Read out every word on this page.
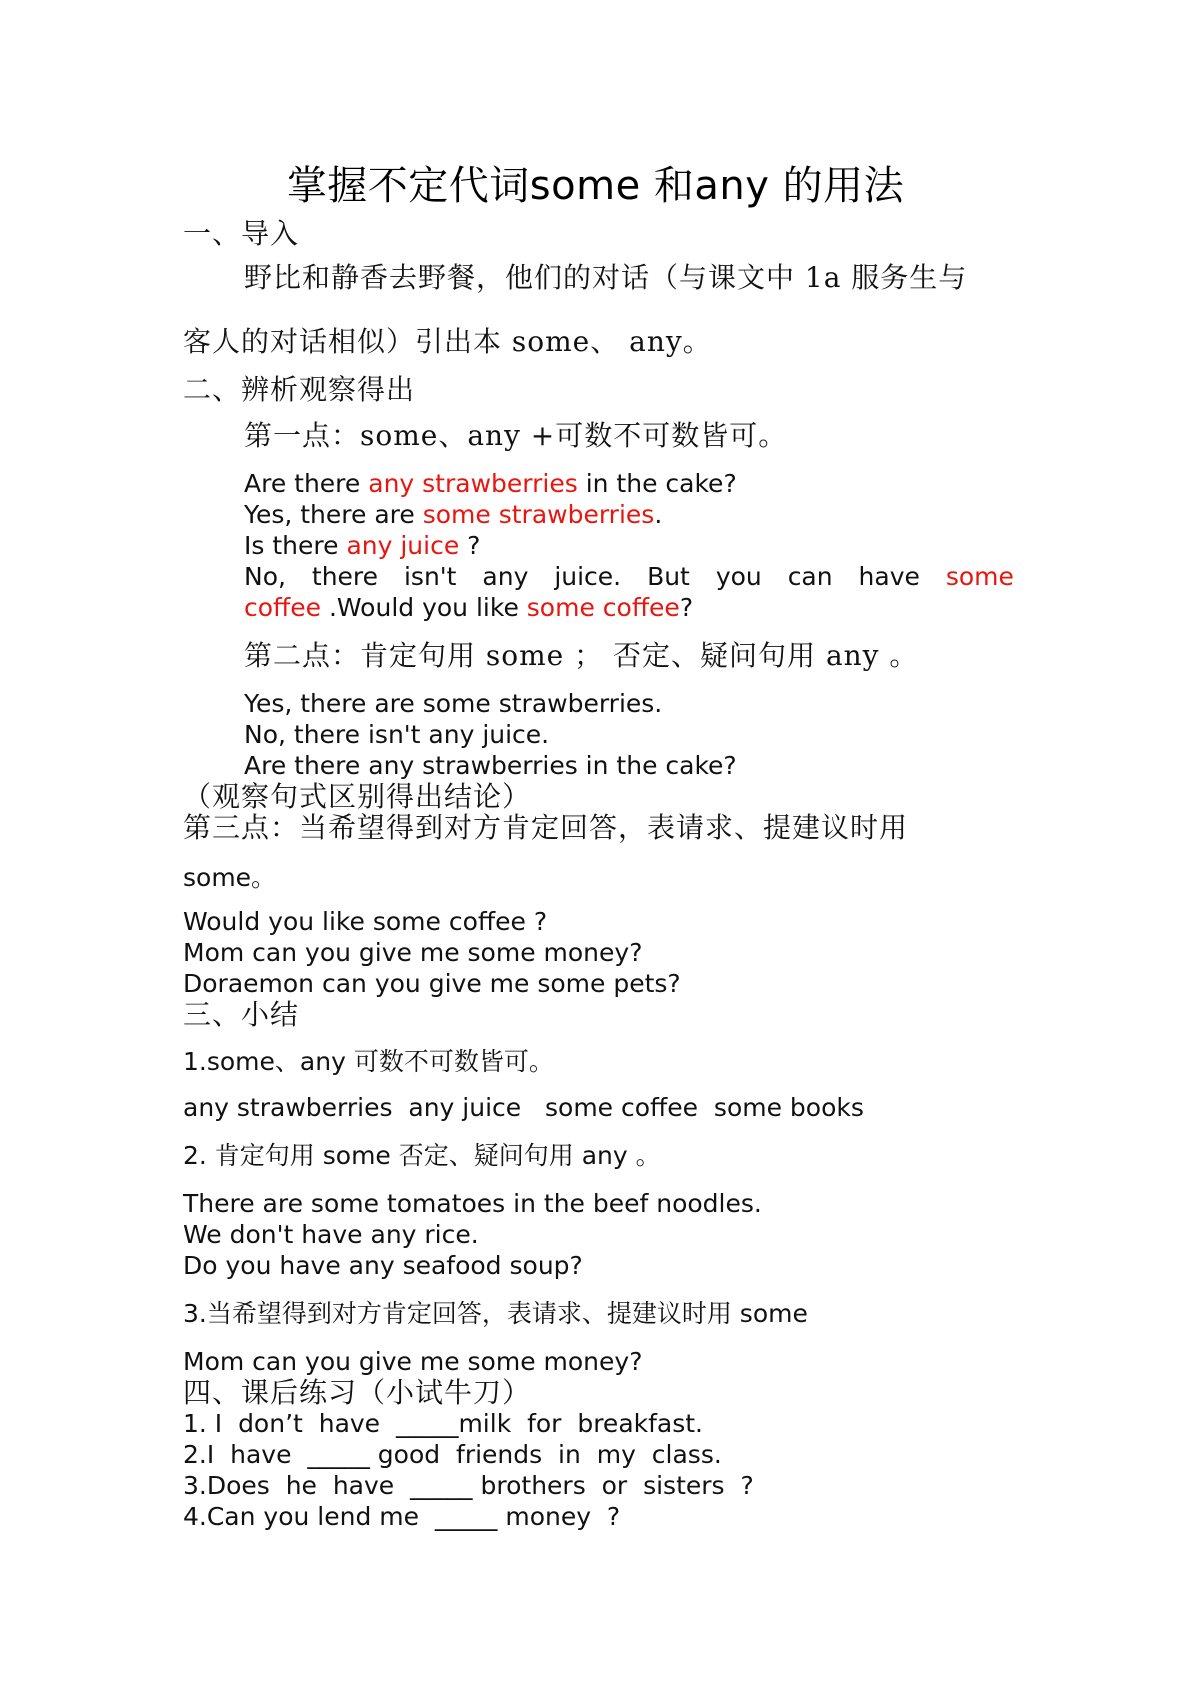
掌握不定代词some 和any 的用法
一、导入
野比和静香去野餐，他们的对话（与课文中 1a 服务生与
客人的对话相似）引出本 some、 any。
二、辨析观察得出
第一点：some、any +可数不可数皆可。
Are there any strawberries in the cake?
Yes, there are some strawberries.
Is there any juice ?
No, there isn't any juice. But you can have some
coffee .Would you like some coffee?
第二点：肯定句用 some ； 否定、疑问句用 any 。
Yes, there are some strawberries.
No, there isn't any juice.
Are there any strawberries in the cake?
（观察句式区别得出结论）
第三点：当希望得到对方肯定回答，表请求、提建议时用
some。
Would you like some coffee ?
Mom can you give me some money?
Doraemon can you give me some pets?
三、小结
1.some、any 可数不可数皆可。
any strawberries  any juice   some coffee  some books
2. 肯定句用 some 否定、疑问句用 any 。
There are some tomatoes in the beef noodles.
We don't have any rice.
Do you have any seafood soup?
3.当希望得到对方肯定回答，表请求、提建议时用 some
Mom can you give me some money?
四、课后练习（小试牛刀）
1. I  don’t  have  _____milk  for  breakfast.
2.I  have  _____ good  friends  in  my  class.
3.Does  he  have  _____ brothers  or  sisters  ?
4.Can you lend me  _____ money  ?
